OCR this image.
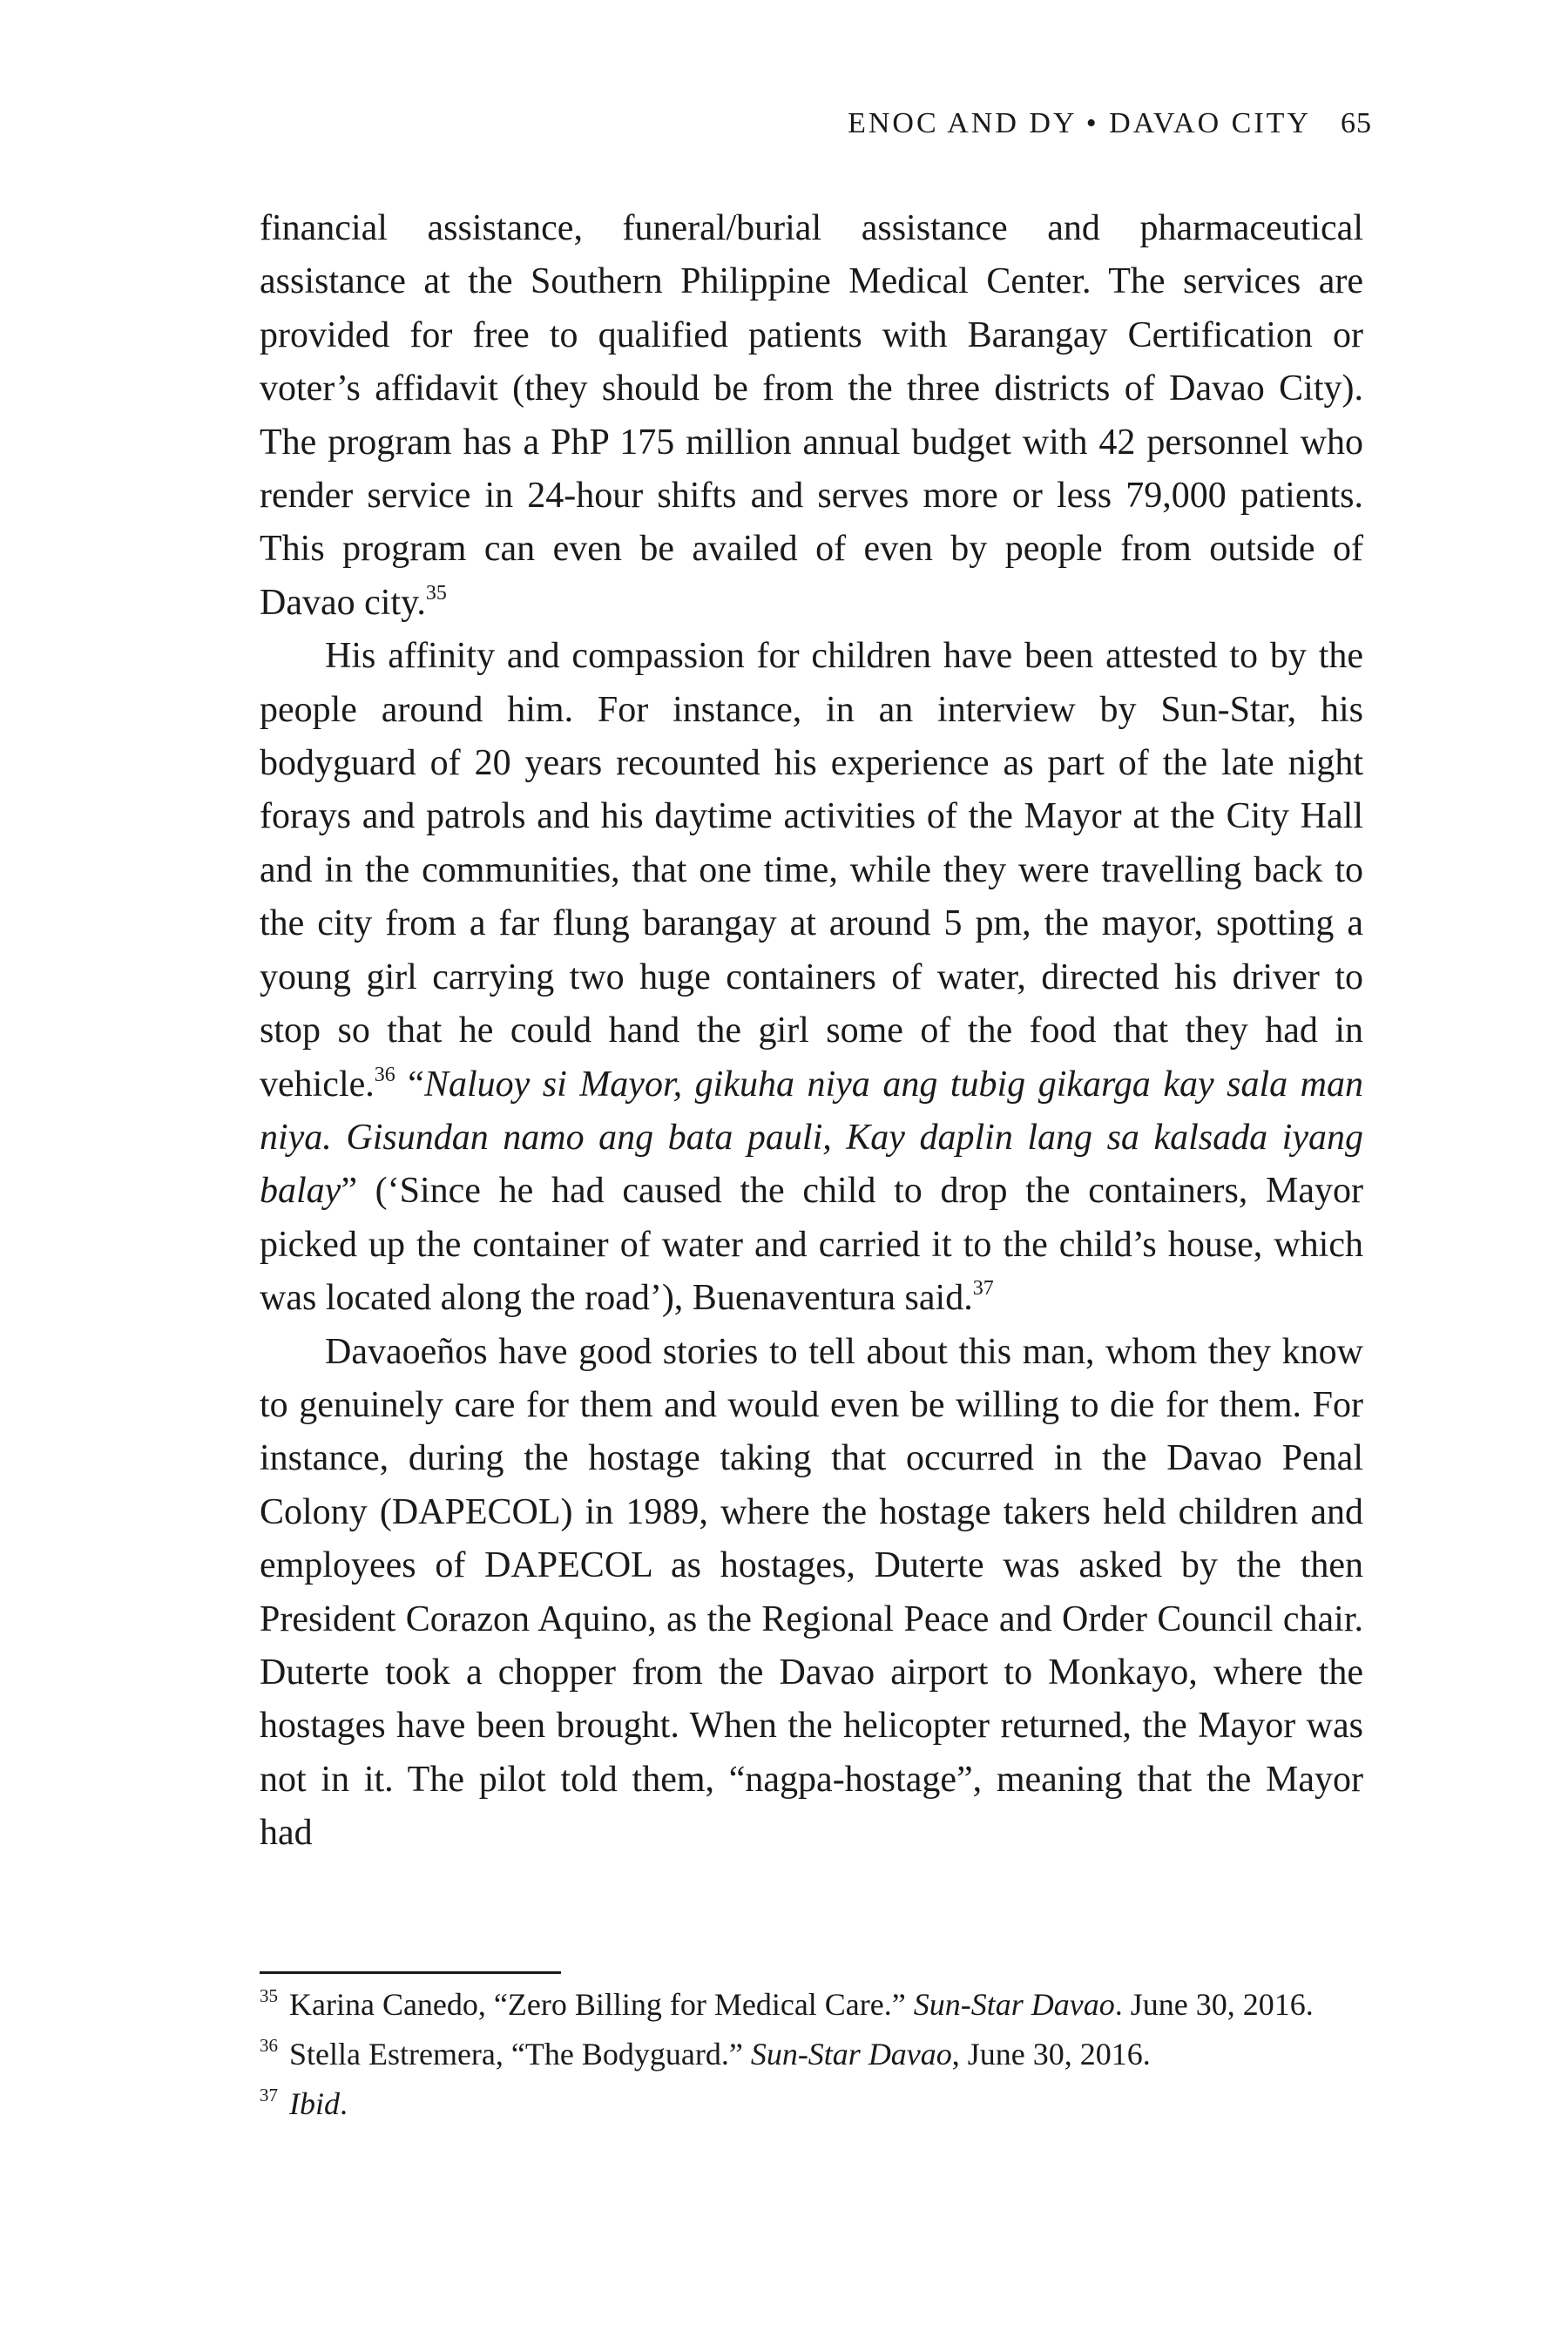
ENOC AND DY • DAVAO CITY 65

financial assistance, funeral/burial assistance and pharmaceutical assistance at the Southern Philippine Medical Center. The services are provided for free to qualified patients with Barangay Certification or voter’s affidavit (they should be from the three districts of Davao City). The program has a PhP 175 million annual budget with 42 personnel who render service in 24-hour shifts and serves more or less 79,000 patients. This program can even be availed of even by people from outside of Davao city.$^{35}$

His affinity and compassion for children have been attested to by the people around him. For instance, in an interview by Sun-Star, his bodyguard of 20 years recounted his experience as part of the late night forays and patrols and his daytime activities of the Mayor at the City Hall and in the communities, that one time, while they were travelling back to the city from a far flung barangay at around 5 pm, the mayor, spotting a young girl carrying two huge containers of water, directed his driver to stop so that he could hand the girl some of the food that they had in vehicle.$^{36}$ “Naluoy si Mayor, gikuha niya ang tubig gikarga kay sala man niya. Gisundan namo ang bata pauli, Kay daplin lang sa kalsada iyang balay” (‘Since he had caused the child to drop the containers, Mayor picked up the container of water and carried it to the child’s house, which was located along the road’), Buenaventura said.$^{37}$

Davaoeños have good stories to tell about this man, whom they know to genuinely care for them and would even be willing to die for them. For instance, during the hostage taking that occurred in the Davao Penal Colony (DAPECOL) in 1989, where the hostage takers held children and employees of DAPECOL as hostages, Duterte was asked by the then President Corazon Aquino, as the Regional Peace and Order Council chair. Duterte took a chopper from the Davao airport to Monkayo, where the hostages have been brought. When the helicopter returned, the Mayor was not in it. The pilot told them, “nagpa-hostage”, meaning that the Mayor had

$^{35}$ Karina Canedo, “Zero Billing for Medical Care.” Sun-Star Davao. June 30, 2016.

$^{36}$ Stella Estremera, “The Bodyguard.” Sun-Star Davao, June 30, 2016.

$^{37}$ Ibid.
